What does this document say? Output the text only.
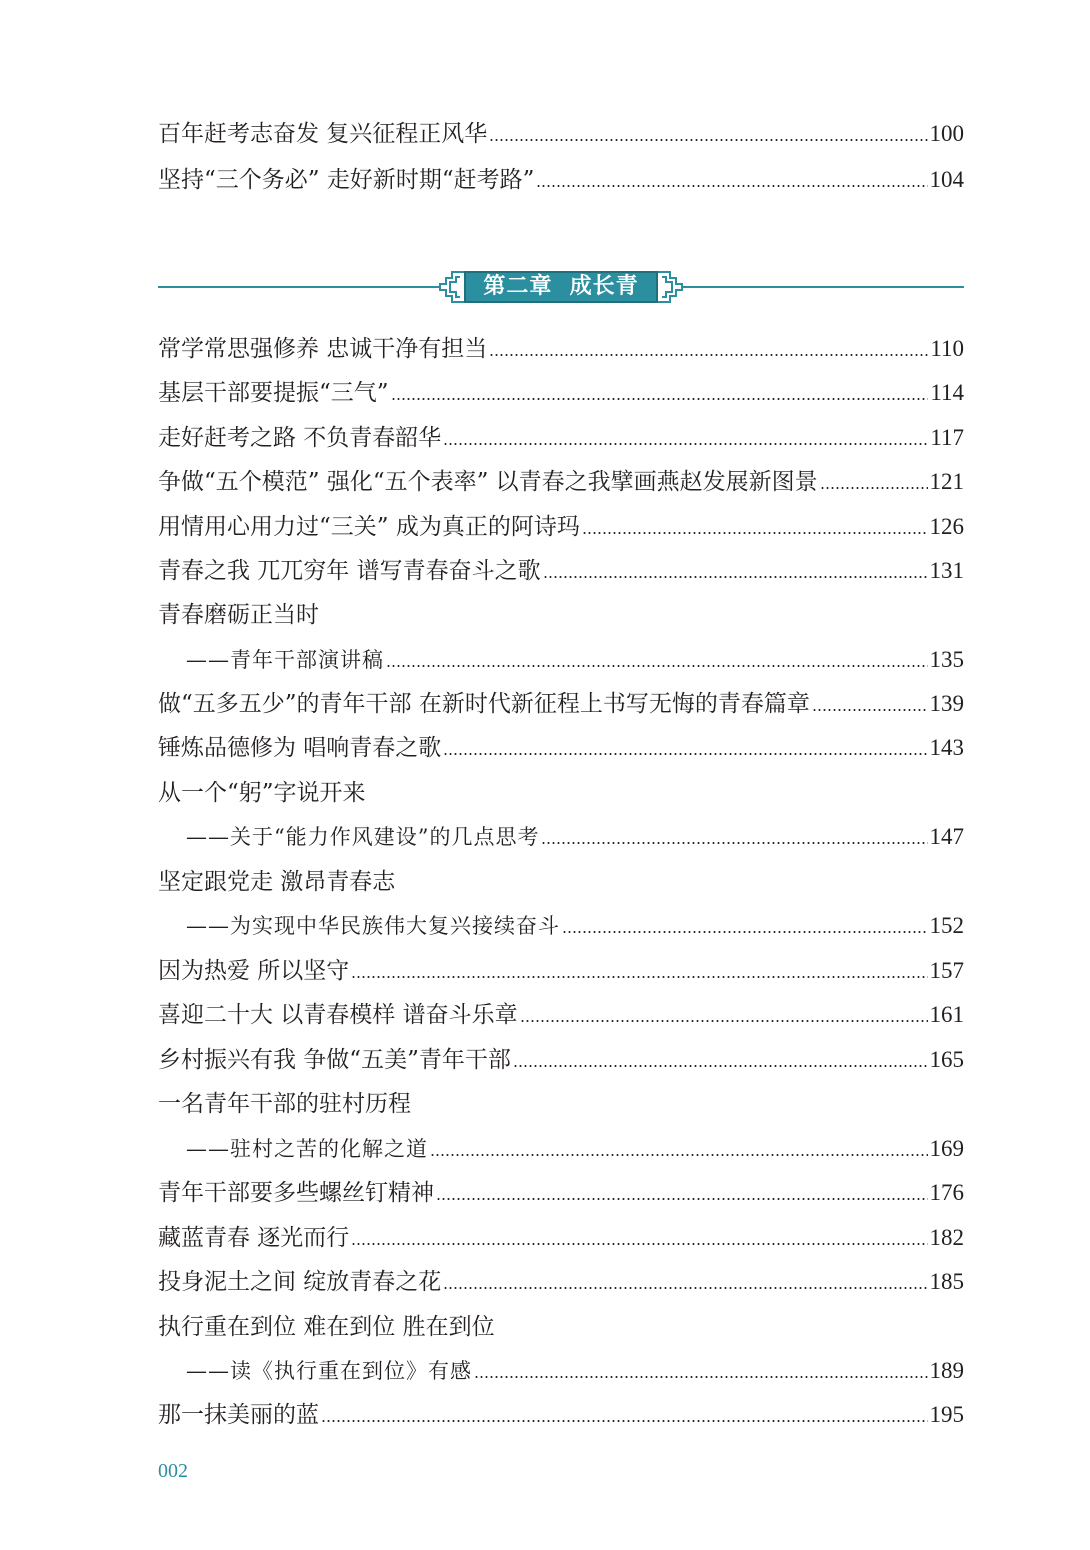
百年赶考志奋发 复兴征程正风华	100
坚持“三个务必” 走好新时期“赶考路”	104
第二章  成长青
常学常思强修养 忠诚干净有担当	110
基层干部要提振“三气”	114
走好赶考之路 不负青春韶华	117
争做“五个模范” 强化“五个表率” 以青春之我擘画燕赵发展新图景	121
用情用心用力过“三关” 成为真正的阿诗玛	126
青春之我 兀兀穷年 谱写青春奋斗之歌	131
青春磨砺正当时
——青年干部演讲稿	135
做“五多五少”的青年干部 在新时代新征程上书写无悔的青春篇章	139
锤炼品德修为 唱响青春之歌	143
从一个“躬”字说开来
——关于“能力作风建设”的几点思考	147
坚定跟党走 激昂青春志
——为实现中华民族伟大复兴接续奋斗	152
因为热爱 所以坚守	157
喜迎二十大 以青春模样 谱奋斗乐章	161
乡村振兴有我 争做“五美”青年干部	165
一名青年干部的驻村历程
——驻村之苦的化解之道	169
青年干部要多些螺丝钉精神	176
藏蓝青春 逐光而行	182
投身泥土之间 绽放青春之花	185
执行重在到位 难在到位 胜在到位
——读《执行重在到位》有感	189
那一抹美丽的蓝	195
002
